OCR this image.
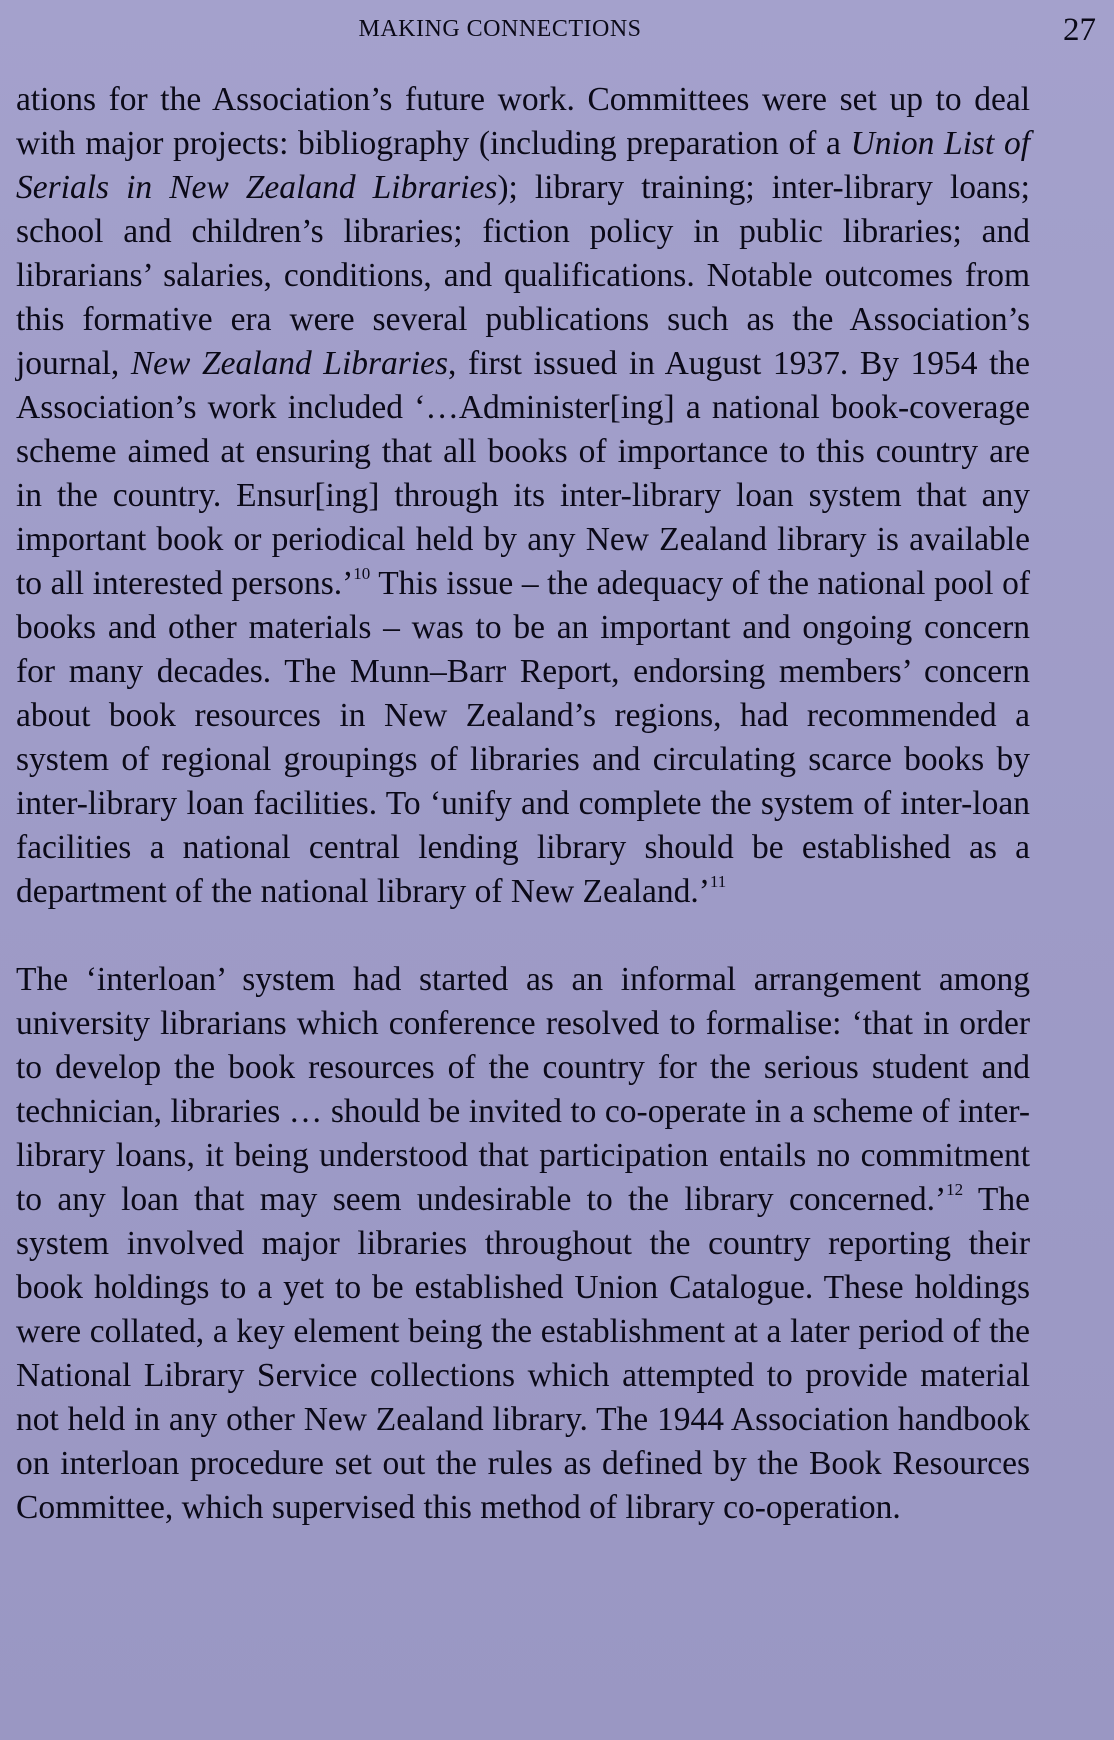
MAKING CONNECTIONS	27

ations for the Association’s future work. Committees were set up to deal with major projects: bibliography (including preparation of a Union List of Serials in New Zealand Libraries); library training; inter-library loans; school and children’s libraries; fiction policy in public libraries; and librarians’ salaries, conditions, and qualifications. Notable outcomes from this formative era were several publications such as the Association’s journal, New Zealand Libraries, first issued in August 1937. By 1954 the Association’s work included ‘…Administer[ing] a national book-coverage scheme aimed at ensuring that all books of importance to this country are in the country. Ensur[ing] through its inter-library loan system that any important book or periodical held by any New Zealand library is available to all interested persons.’$^{10}$ This issue – the adequacy of the national pool of books and other materials – was to be an important and ongoing concern for many decades. The Munn–Barr Report, endorsing members’ concern about book resources in New Zealand’s regions, had recommended a system of regional groupings of libraries and circulating scarce books by inter-library loan facilities. To ‘unify and complete the system of inter-loan facilities a national central lending library should be established as a department of the national library of New Zealand.’$^{11}$

The ‘interloan’ system had started as an informal arrangement among university librarians which conference resolved to formalise: ‘that in order to develop the book resources of the country for the serious student and technician, libraries … should be invited to co-operate in a scheme of inter-library loans, it being understood that participation entails no commitment to any loan that may seem undesirable to the library concerned.’$^{12}$ The system involved major libraries throughout the country reporting their book holdings to a yet to be established Union Catalogue. These holdings were collated, a key element being the establishment at a later period of the National Library Service collections which attempted to provide material not held in any other New Zealand library. The 1944 Association handbook on interloan procedure set out the rules as defined by the Book Resources Committee, which supervised this method of library co-operation.
